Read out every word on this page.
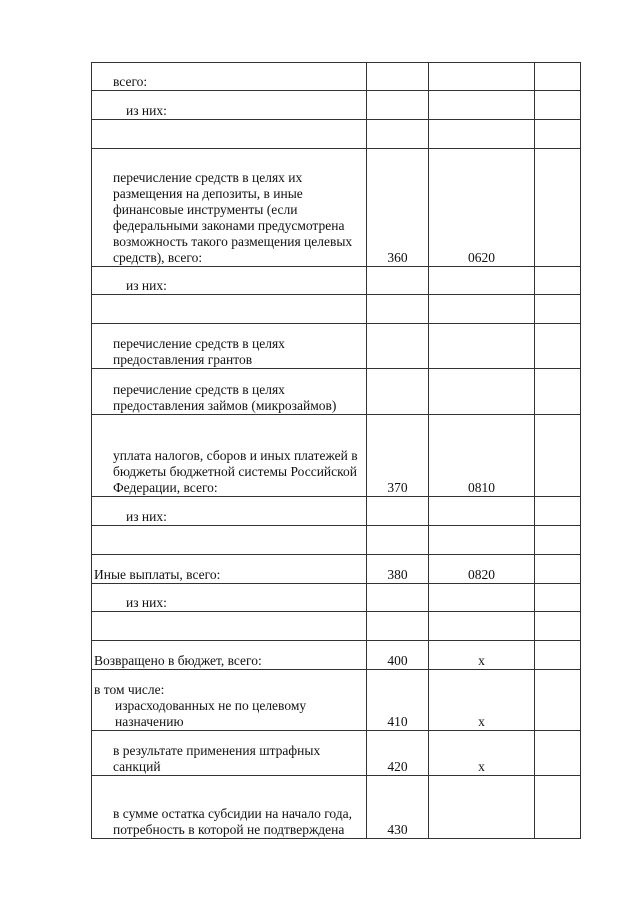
всего:			
из них:			

перечисление средств в целях их размещения на депозиты, в иные финансовые инструменты (если федеральными законами предусмотрена возможность такого размещения целевых средств), всего:	360	0620	
из них:			

перечисление средств в целях предоставления грантов			
перечисление средств в целях предоставления займов (микрозаймов)			
уплата налогов, сборов и иных платежей в бюджеты бюджетной системы Российской Федерации, всего:	370	0810	
из них:			

Иные выплаты, всего:	380	0820	
из них:			

Возвращено в бюджет, всего:	400	x	
в том числе:
израсходованных не по целевому назначению	410	x	
в результате применения штрафных санкций	420	x	
в сумме остатка субсидии на начало года, потребность в которой не подтверждена	430		
